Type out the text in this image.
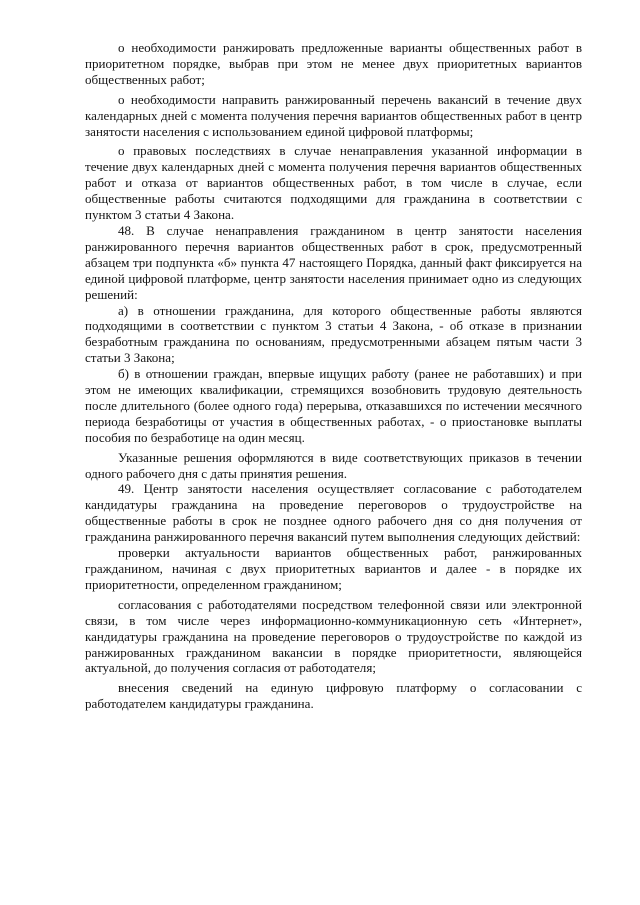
о необходимости ранжировать предложенные варианты общественных работ в приоритетном порядке, выбрав при этом не менее двух приоритетных вариантов общественных работ;

о необходимости направить ранжированный перечень вакансий в течение двух календарных дней с момента получения перечня вариантов общественных работ в центр занятости населения с использованием единой цифровой платформы;

о правовых последствиях в случае ненаправления указанной информации в течение двух календарных дней с момента получения перечня вариантов общественных работ и отказа от вариантов общественных работ, в том числе в случае, если общественные работы считаются подходящими для гражданина в соответствии с пунктом 3 статьи 4 Закона.

48. В случае ненаправления гражданином в центр занятости населения ранжированного перечня вариантов общественных работ в срок, предусмотренный абзацем три подпункта «б» пункта 47 настоящего Порядка, данный факт фиксируется на единой цифровой платформе, центр занятости населения принимает одно из следующих решений:

а) в отношении гражданина, для которого общественные работы являются подходящими в соответствии с пунктом 3 статьи 4 Закона, - об отказе в признании безработным гражданина по основаниям, предусмотренными абзацем пятым части 3 статьи 3 Закона;

б) в отношении граждан, впервые ищущих работу (ранее не работавших) и при этом не имеющих квалификации, стремящихся возобновить трудовую деятельность после длительного (более одного года) перерыва, отказавшихся по истечении месячного периода безработицы от участия в общественных работах, - о приостановке выплаты пособия по безработице на один месяц.

Указанные решения оформляются в виде соответствующих приказов в течении одного рабочего дня с даты принятия решения.

49. Центр занятости населения осуществляет согласование с работодателем кандидатуры гражданина на проведение переговоров о трудоустройстве на общественные работы в срок не позднее одного рабочего дня со дня получения от гражданина ранжированного перечня вакансий путем выполнения следующих действий:

проверки актуальности вариантов общественных работ, ранжированных гражданином, начиная с двух приоритетных вариантов и далее - в порядке их приоритетности, определенном гражданином;

согласования с работодателями посредством телефонной связи или электронной связи, в том числе через информационно-коммуникационную сеть «Интернет», кандидатуры гражданина на проведение переговоров о трудоустройстве по каждой из ранжированных гражданином вакансии в порядке приоритетности, являющейся актуальной, до получения согласия от работодателя;

внесения сведений на единую цифровую платформу о согласовании с работодателем кандидатуры гражданина.
